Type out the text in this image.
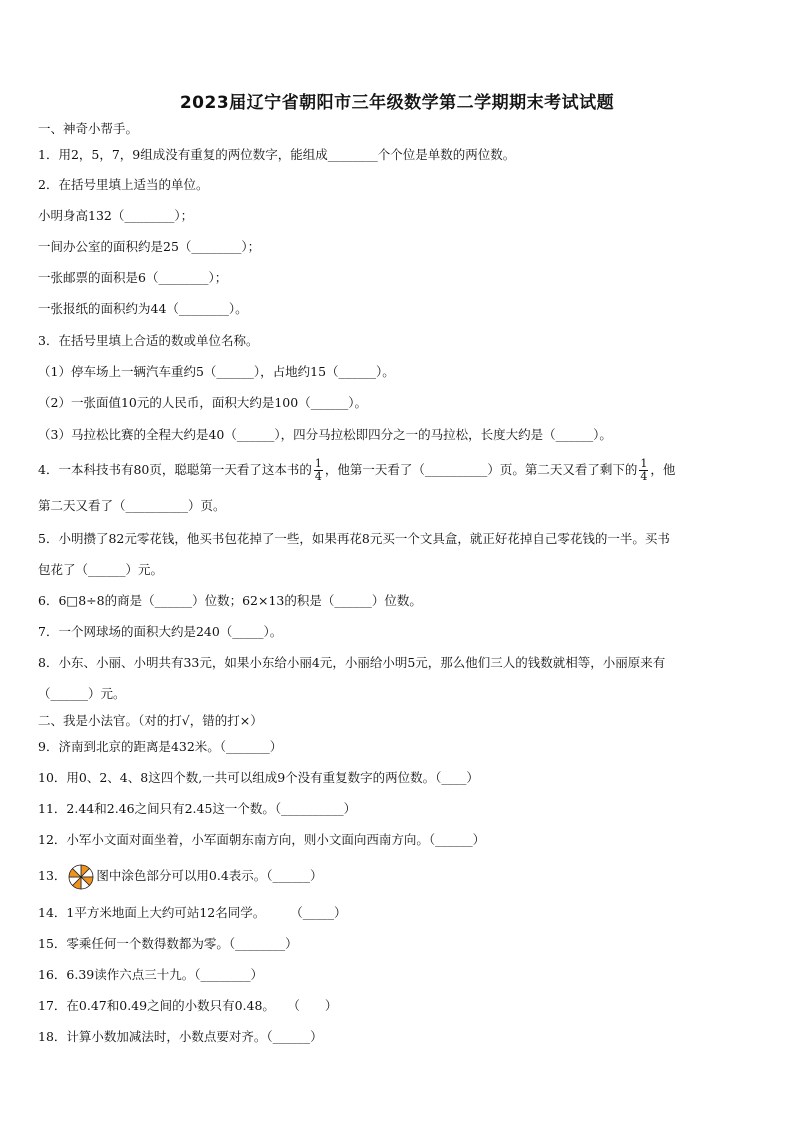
2023届辽宁省朝阳市三年级数学第二学期期末考试试题
一、神奇小帮手。
1．用2，5，7，9组成没有重复的两位数字，能组成________个个位是单数的两位数。
2．在括号里填上适当的单位。
小明身高132（________）；
一间办公室的面积约是25（________）；
一张邮票的面积是6（________）；
一张报纸的面积约为44（________）。
3．在括号里填上合适的数或单位名称。
（1）停车场上一辆汽车重约5（______），占地约15（______）。
（2）一张面值10元的人民币，面积大约是100（______）。
（3）马拉松比赛的全程大约是40（______），四分马拉松即四分之一的马拉松，长度大约是（______）。
4．一本科技书有80页，聪聪第一天看了这本书的 $\frac{1}{4}$ ，他第一天看了（__________）页。第二天又看了剩下的 $\frac{1}{4}$ ，他
第二天又看了（__________）页。
5．小明攒了82元零花钱，他买书包花掉了一些，如果再花8元买一个文具盒，就正好花掉自己零花钱的一半。买书
包花了（______）元。
6．6□8÷8的商是（______）位数；62×13的积是（______）位数。
7．一个网球场的面积大约是240（_____）。
8．小东、小丽、小明共有33元，如果小东给小丽4元，小丽给小明5元，那么他们三人的钱数就相等，小丽原来有
（______）元。
二、我是小法官。（对的打√，错的打×）
9．济南到北京的距离是432米。（_______）
10．用0、2、4、8这四个数,一共可以组成9个没有重复数字的两位数。（____）
11．2.44和2.46之间只有2.45这一个数。（__________）
12．小军小文面对面坐着，小军面朝东南方向，则小文面向西南方向。（______）
13． 图中涂色部分可以用0.4表示。（______）
14．1平方米地面上大约可站12名同学。　　　（_____）
15．零乘任何一个数得数都为零。（________）
16．6.39读作六点三十九。（________）
17．在0.47和0.49之间的小数只有0.48。　　（　　）
18．计算小数加减法时，小数点要对齐。（______）
